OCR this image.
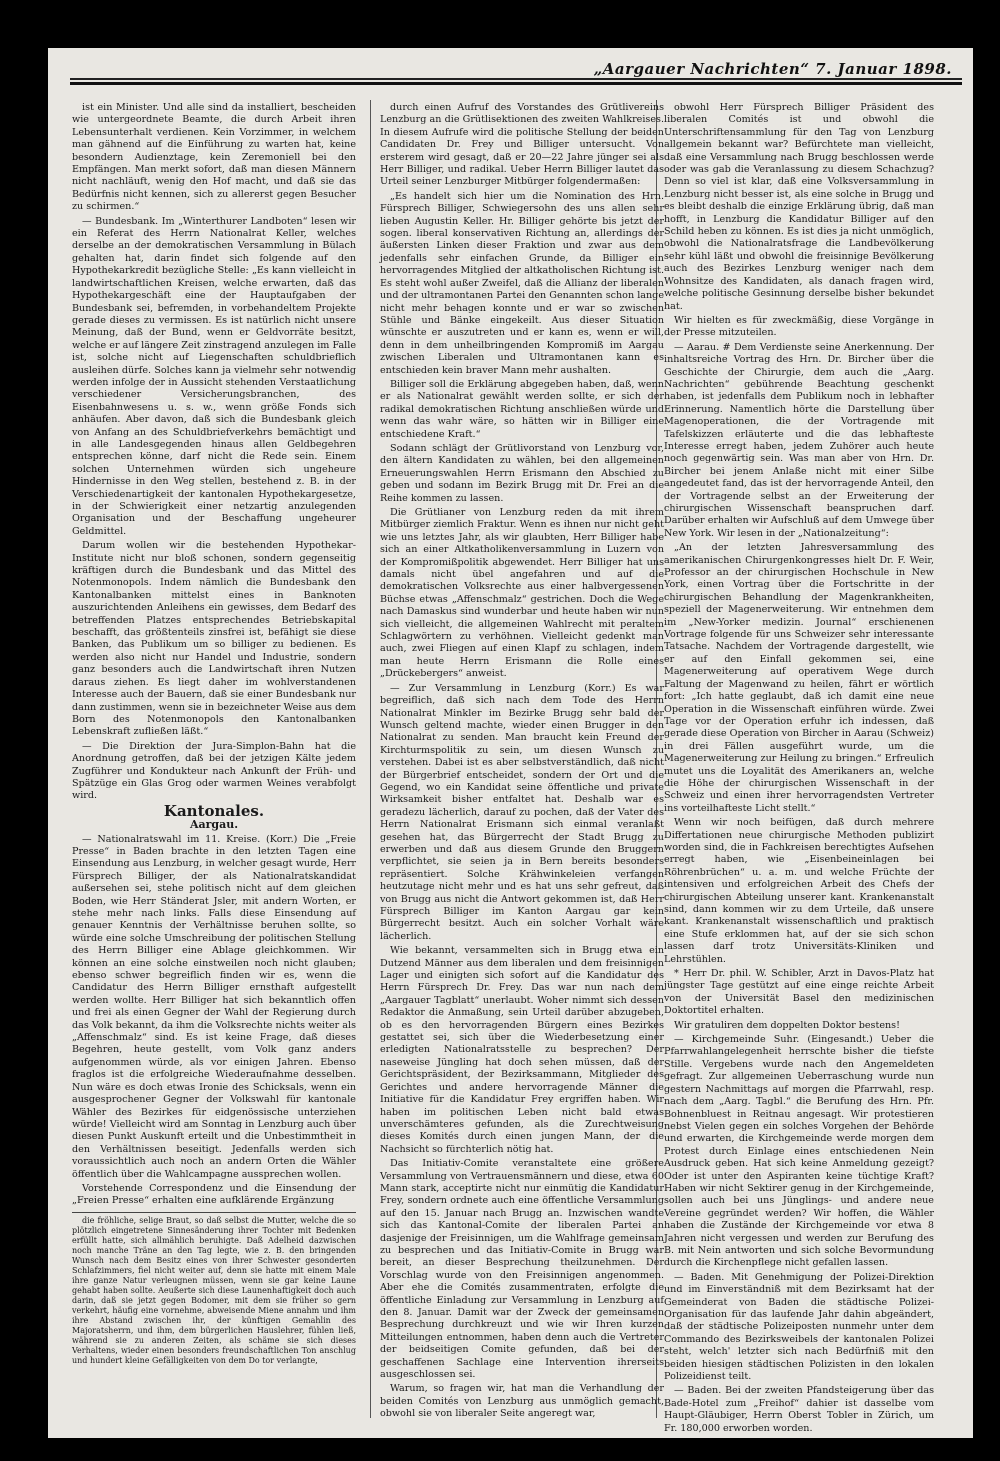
„Aargauer Nachrichten“ 7. Januar 1898.

ist ein Minister. Und alle sind da installiert, bescheiden wie untergeordnete Beamte, die durch Arbeit ihren Lebensunterhalt verdienen. Kein Vorzimmer, in welchem man gähnend auf die Einführung zu warten hat, keine besondern Audienztage, kein Zeremoniell bei den Empfängen. Man merkt sofort, daß man diesen Männern nicht nachläuft, wenig den Hof macht, und daß sie das Bedürfnis nicht kennen, sich zu allererst gegen Besucher zu schirmen.“

— Bundesbank. Im „Winterthurer Landboten“ lesen wir ein Referat des Herrn Nationalrat Keller, welches derselbe an der demokratischen Versammlung in Bülach gehalten hat, darin findet sich folgende auf den Hypothekarkredit bezügliche Stelle: „Es kann vielleicht in landwirtschaftlichen Kreisen, welche erwarten, daß das Hypothekargeschäft eine der Hauptaufgaben der Bundesbank sei, befremden, in vorbehandeltem Projekte gerade dieses zu vermissen. Es ist natürlich nicht unsere Meinung, daß der Bund, wenn er Geldvorräte besitzt, welche er auf längere Zeit zinstragend anzulegen im Falle ist, solche nicht auf Liegenschaften schuldbrieflich ausleihen dürfe. Solches kann ja vielmehr sehr notwendig werden infolge der in Aussicht stehenden Verstaatlichung verschiedener Versicherungsbranchen, des Eisenbahnwesens u. s. w., wenn größe Fonds sich anhäufen. Aber davon, daß sich die Bundesbank gleich von Anfang an des Schuldbriefverkehrs bemächtigt und in alle Landesgegenden hinaus allen Geldbegehren entsprechen könne, darf nicht die Rede sein. Einem solchen Unternehmen würden sich ungeheure Hindernisse in den Weg stellen, bestehend z. B. in der Verschiedenartigkeit der kantonalen Hypothekargesetze, in der Schwierigkeit einer netzartig anzulegenden Organisation und der Beschaffung ungeheurer Geldmittel.

Darum wollen wir die bestehenden Hypothekar-Institute nicht nur bloß schonen, sondern gegenseitig kräftigen durch die Bundesbank und das Mittel des Notenmonopols. Indem nämlich die Bundesbank den Kantonalbanken mittelst eines in Banknoten auszurichtenden Anleihens ein gewisses, dem Bedarf des betreffenden Platzes entsprechendes Betriebskapital beschafft, das größtenteils zinsfrei ist, befähigt sie diese Banken, das Publikum um so billiger zu bedienen. Es werden also nicht nur Handel und Industrie, sondern ganz besonders auch die Landwirtschaft ihren Nutzen daraus ziehen. Es liegt daher im wohlverstandenen Interesse auch der Bauern, daß sie einer Bundesbank nur dann zustimmen, wenn sie in bezeichneter Weise aus dem Born des Notenmonopols den Kantonalbanken Lebenskraft zufließen läßt.“

— Die Direktion der Jura-Simplon-Bahn hat die Anordnung getroffen, daß bei der jetzigen Kälte jedem Zugführer und Kondukteur nach Ankunft der Früh- und Spätzüge ein Glas Grog oder warmen Weines verabfolgt wird.

Kantonales.

Aargau.

— Nationalratswahl im 11. Kreise. (Korr.) Die „Freie Presse“ in Baden brachte in den letzten Tagen eine Einsendung aus Lenzburg, in welcher gesagt wurde, Herr Fürsprech Billiger, der als Nationalratskandidat außersehen sei, stehe politisch nicht auf dem gleichen Boden, wie Herr Ständerat Jsler, mit andern Worten, er stehe mehr nach links. Falls diese Einsendung auf genauer Kenntnis der Verhältnisse beruhen sollte, so würde eine solche Umschreibung der politischen Stellung des Herrn Billiger eine Ablage gleichkommen. Wir können an eine solche einstweilen noch nicht glauben; ebenso schwer begreiflich finden wir es, wenn die Candidatur des Herrn Billiger ernsthaft aufgestellt werden wollte. Herr Billiger hat sich bekanntlich offen und frei als einen Gegner der Wahl der Regierung durch das Volk bekannt, da ihm die Volksrechte nichts weiter als „Affenschmalz“ sind. Es ist keine Frage, daß dieses Begehren, heute gestellt, vom Volk ganz anders aufgenommen würde, als vor einigen Jahren. Ebenso fraglos ist die erfolgreiche Wiederaufnahme desselben. Nun wäre es doch etwas Ironie des Schicksals, wenn ein ausgesprochener Gegner der Volkswahl für kantonale Wähler des Bezirkes für eidgenössische unterziehen würde! Vielleicht wird am Sonntag in Lenzburg auch über diesen Punkt Auskunft erteilt und die Unbestimmtheit in den Verhältnissen beseitigt. Jedenfalls werden sich voraussichtlich auch noch an andern Orten die Wähler öffentlich über die Wahlcampagne aussprechen wollen.

Vorstehende Correspondenz und die Einsendung der „Freien Presse“ erhalten eine aufklärende Ergänzung

die fröhliche, selige Braut, so daß selbst die Mutter, welche die so plötzlich eingetretene Sinnesänderung ihrer Tochter mit Bedenken erfüllt hatte, sich allmählich beruhigte. Daß Adelheid dazwischen noch manche Träne an den Tag legte, wie z. B. den bringenden Wunsch nach dem Besitz eines von ihrer Schwester gesonderten Schlafzimmers, fiel nicht weiter auf, denn sie hatte mit einem Male ihre ganze Natur verleugnen müssen, wenn sie gar keine Laune gehabt haben sollte. Aeußerte sich diese Launenhaftigkeit doch auch darin, daß sie jetzt gegen Bodomer, mit dem sie früher so gern verkehrt, häufig eine vornehme, abweisende Miene annahm und ihm ihre Abstand zwischen ihr, der künftigen Gemahlin des Majoratsherrn, und ihm, dem bürgerlichen Hauslehrer, fühlen ließ, während sie zu anderen Zeiten, als schäme sie sich dieses Verhaltens, wieder einen besonders freundschaftlichen Ton anschlug und hundert kleine Gefälligkeiten von dem Do tor verlangte,

durch einen Aufruf des Vorstandes des Grütlivereins Lenzburg an die Grütlisektionen des zweiten Wahlkreises. In diesem Aufrufe wird die politische Stellung der beiden Candidaten Dr. Frey und Billiger untersucht. Von ersterem wird gesagt, daß er 20—22 Jahre jünger sei als Herr Billiger, und radikal. Ueber Herrn Billiger lautet das Urteil seiner Lenzburger Mitbürger folgendermaßen:

„Es handelt sich hier um die Nomination des Hrn. Fürsprech Billiger, Schwiegersohn des uns allen sehr lieben Augustin Keller. Hr. Billiger gehörte bis jetzt der sogen. liberal konservativen Richtung an, allerdings der äußersten Linken dieser Fraktion und zwar aus dem jedenfalls sehr einfachen Grunde, da Billiger ein hervorragendes Mitglied der altkatholischen Richtung ist. Es steht wohl außer Zweifel, daß die Allianz der liberalen und der ultramontanen Partei den Genannten schon lange nicht mehr behagen konnte und er war so zwischen Stühle und Bänke eingekeilt. Aus dieser Situation wünschte er auszutreten und er kann es, wenn er will, denn in dem unheilbringenden Kompromiß im Aargau zwischen Liberalen und Ultramontanen kann es entschieden kein braver Mann mehr aushalten.

Billiger soll die Erklärung abgegeben haben, daß, wenn er als Nationalrat gewählt werden sollte, er sich der radikal demokratischen Richtung anschließen würde und wenn das wahr wäre, so hätten wir in Billiger eine entschiedene Kraft.“

Sodann schlägt der Grütlivorstand von Lenzburg vor, den ältern Kandidaten zu wählen, bei den allgemeinen Erneuerungswahlen Herrn Erismann den Abschied zu geben und sodann im Bezirk Brugg mit Dr. Frei an die Reihe kommen zu lassen.

Die Grütlianer von Lenzburg reden da mit ihrem Mitbürger ziemlich Fraktur. Wenn es ihnen nur nicht geht wie uns letztes Jahr, als wir glaubten, Herr Billiger habe sich an einer Altkatholikenversammlung in Luzern von der Kompromißpolitik abgewendet. Herr Billiger hat uns damals nicht übel angefahren und auf die demokratischen Volksrechte aus einer halbvergessenen Büchse etwas „Affenschmalz“ gestrichen. Doch die Wege nach Damaskus sind wunderbar und heute haben wir nun sich vielleicht, die allgemeinen Wahlrecht mit peraltem Schlagwörtern zu verhöhnen. Vielleicht gedenkt man auch, zwei Fliegen auf einen Klapf zu schlagen, indem man heute Herrn Erismann die Rolle eines „Drückebergers“ anweist.

— Zur Versammlung in Lenzburg (Korr.) Es war begreiflich, daß sich nach dem Tode des Herrn Nationalrat Minkler im Bezirke Brugg sehr bald der Wunsch geltend machte, wieder einen Brugger in den Nationalrat zu senden. Man braucht kein Freund der Kirchturmspolitik zu sein, um diesen Wunsch zu verstehen. Dabei ist es aber selbstverständlich, daß nicht der Bürgerbrief entscheidet, sondern der Ort und die Gegend, wo ein Kandidat seine öffentliche und private Wirksamkeit bisher entfaltet hat. Deshalb war es geradezu lächerlich, darauf zu pochen, daß der Vater des Herrn Nationalrat Erismann sich einmal veranlaßt gesehen hat, das Bürgerrecht der Stadt Brugg zu erwerben und daß aus diesem Grunde den Bruggern verpflichtet, sie seien ja in Bern bereits besonders repräsentiert. Solche Krähwinkeleien verfangen heutzutage nicht mehr und es hat uns sehr gefreut, daß von Brugg aus nicht die Antwort gekommen ist, daß Herr Fürsprech Billiger im Kanton Aargau gar kein Bürgerrecht besitzt. Auch ein solcher Vorhalt wäre lächerlich.

Wie bekannt, versammelten sich in Brugg etwa ein Dutzend Männer aus dem liberalen und dem freisinnigen Lager und einigten sich sofort auf die Kandidatur des Herrn Fürsprech Dr. Frey. Das war nun nach dem „Aargauer Tagblatt“ unerlaubt. Woher nimmt sich dessen Redaktor die Anmaßung, sein Urteil darüber abzugeben, ob es den hervorragenden Bürgern eines Bezirkes gestattet sei, sich über die Wiederbesetzung einer erledigten Nationalratsstelle zu besprechen? Der naseweise Jüngling hat doch sehen müssen, daß der Gerichtspräsident, der Bezirksammann, Mitglieder des Gerichtes und andere hervorragende Männer die Initiative für die Kandidatur Frey ergriffen haben. Wir haben im politischen Leben nicht bald etwas unverschämteres gefunden, als die Zurechtweisung dieses Komités durch einen jungen Mann, der die Nachsicht so fürchterlich nötig hat.

Das Initiativ-Comite veranstaltete eine größere Versammlung von Vertrauensmännern und diese, etwa 60 Mann stark, acceptirte nicht nur einmütig die Kandidatur Frey, sondern ordnete auch eine öffentliche Versammlung auf den 15. Januar nach Brugg an. Inzwischen wandte sich das Kantonal-Comite der liberalen Partei an dasjenige der Freisinnigen, um die Wahlfrage gemeinsam zu besprechen und das Initiativ-Comite in Brugg war bereit, an dieser Besprechung theilzunehmen. Der Vorschlag wurde von den Freisinnigen angenommen. Aber ehe die Comités zusammentraten, erfolgte die öffentliche Einladung zur Versammlung in Lenzburg auf den 8. Januar. Damit war der Zweck der gemeinsamen Besprechung durchkreuzt und wie wir Ihren kurzen Mitteilungen entnommen, haben denn auch die Vertreter der beidseitigen Comite gefunden, daß bei der geschaffenen Sachlage eine Intervention ihrerseits ausgeschlossen sei.

Warum, so fragen wir, hat man die Verhandlung der beiden Comités von Lenzburg aus unmöglich gemacht, obwohl sie von liberaler Seite angeregt war,

obwohl Herr Fürsprech Billiger Präsident des liberalen Comités ist und obwohl die Unterschriftensammlung für den Tag von Lenzburg allgemein bekannt war? Befürchtete man vielleicht, daß eine Versammlung nach Brugg beschlossen werde oder was gab die Veranlassung zu diesem Schachzug? Denn so viel ist klar, daß eine Volksversammlung in Lenzburg nicht besser ist, als eine solche in Brugg und es bleibt deshalb die einzige Erklärung übrig, daß man hofft, in Lenzburg die Kandidatur Billiger auf den Schild heben zu können. Es ist dies ja nicht unmöglich, obwohl die Nationalratsfrage die Landbevölkerung sehr kühl läßt und obwohl die freisinnige Bevölkerung auch des Bezirkes Lenzburg weniger nach dem Wohnsitze des Kandidaten, als danach fragen wird, welche politische Gesinnung derselbe bisher bekundet hat.

Wir hielten es für zweckmäßig, diese Vorgänge in der Presse mitzuteilen.

— Aarau. # Dem Verdienste seine Anerkennung. Der inhaltsreiche Vortrag des Hrn. Dr. Bircher über die Geschichte der Chirurgie, dem auch die „Aarg. Nachrichten“ gebührende Beachtung geschenkt haben, ist jedenfalls dem Publikum noch in lebhafter Erinnerung. Namentlich hörte die Darstellung über Magenoperationen, die der Vortragende mit Tafelskizzen erläuterte und die das lebhafteste Interesse erregt haben, jedem Zuhörer auch heute noch gegenwärtig sein. Was man aber von Hrn. Dr. Bircher bei jenem Anlaße nicht mit einer Silbe angedeutet fand, das ist der hervorragende Anteil, den der Vortragende selbst an der Erweiterung der chirurgischen Wissenschaft beanspruchen darf. Darüber erhalten wir Aufschluß auf dem Umwege über New York. Wir lesen in der „Nationalzeitung“:

„An der letzten Jahresversammlung des amerikanischen Chirurgenkongresses hielt Dr. F. Weir, Professor an der chirurgischen Hochschule in New York, einen Vortrag über die Fortschritte in der chirurgischen Behandlung der Magenkrankheiten, speziell der Magenerweiterung. Wir entnehmen dem im „New-Yorker medizin. Journal“ erschienenen Vortrage folgende für uns Schweizer sehr interessante Tatsache. Nachdem der Vortragende dargestellt, wie er auf den Einfall gekommen sei, eine Magenerweiterung auf operativem Wege durch Faltung der Magenwand zu heilen, fährt er wörtlich fort: „Ich hatte geglaubt, daß ich damit eine neue Operation in die Wissenschaft einführen würde. Zwei Tage vor der Operation erfuhr ich indessen, daß gerade diese Operation von Bircher in Aarau (Schweiz) in drei Fällen ausgeführt wurde, um die Magenerweiterung zur Heilung zu bringen.“ Erfreulich mutet uns die Loyalität des Amerikaners an, welche die Höhe der chirurgischen Wissenschaft in der Schweiz und einen ihrer hervorragendsten Vertreter ins vorteilhafteste Licht stellt.“

Wenn wir noch beifügen, daß durch mehrere Differtationen neue chirurgische Methoden publizirt worden sind, die in Fachkreisen berechtigtes Aufsehen erregt haben, wie „Eisenbeineinlagen bei Röhrenbrüchen“ u. a. m. und welche Früchte der intensiven und erfolgreichen Arbeit des Chefs der chirurgischen Abteilung unserer kant. Krankenanstalt sind, dann kommen wir zu dem Urteile, daß unsere kant. Krankenanstalt wissenschaftlich und praktisch eine Stufe erklommen hat, auf der sie sich schon lassen darf trotz Universitäts-Kliniken und Lehrstühlen.

* Herr Dr. phil. W. Schibler, Arzt in Davos-Platz hat jüngster Tage gestützt auf eine einge reichte Arbeit von der Universität Basel den medizinischen Doktortitel erhalten.

Wir gratuliren dem doppelten Doktor bestens!

— Kirchgemeinde Suhr. (Eingesandt.) Ueber die Pfarrwahlangelegenheit herrschte bisher die tiefste Stille. Vergebens wurde nach den Angemeldeten gefragt. Zur allgemeinen Ueberraschung wurde nun gestern Nachmittags auf morgen die Pfarrwahl, resp. nach dem „Aarg. Tagbl.“ die Berufung des Hrn. Pfr. Bohnenbluest in Reitnau angesagt. Wir protestieren nebst Vielen gegen ein solches Vorgehen der Behörde und erwarten, die Kirchgemeinde werde morgen dem Protest durch Einlage eines entschiedenen Nein Ausdruck geben. Hat sich keine Anmeldung gezeigt? Oder ist unter den Aspiranten keine tüchtige Kraft? Haben wir nicht Sektirer genug in der Kirchgemeinde, sollen auch bei uns Jünglings- und andere neue Vereine gegründet werden? Wir hoffen, die Wähler haben die Zustände der Kirchgemeinde vor etwa 8 Jahren nicht vergessen und werden zur Berufung des B. mit Nein antworten und sich solche Bevormundung durch die Kirchenpflege nicht gefallen lassen.

— Baden. Mit Genehmigung der Polizei-Direktion und im Einverständniß mit dem Bezirksamt hat der Gemeinderat von Baden die städtische Polizei-Organisation für das laufende Jahr dahin abgeändert, daß der städtische Polizeiposten nunmehr unter dem Commando des Bezirksweibels der kantonalen Polizei steht, welch' letzter sich nach Bedürfniß mit den beiden hiesigen städtischen Polizisten in den lokalen Polizeidienst teilt.

— Baden. Bei der zweiten Pfandsteigerung über das Bade-Hotel zum „Freihof“ dahier ist dasselbe vom Haupt-Gläubiger, Herrn Oberst Tobler in Zürich, um Fr. 180,000 erworben worden.
